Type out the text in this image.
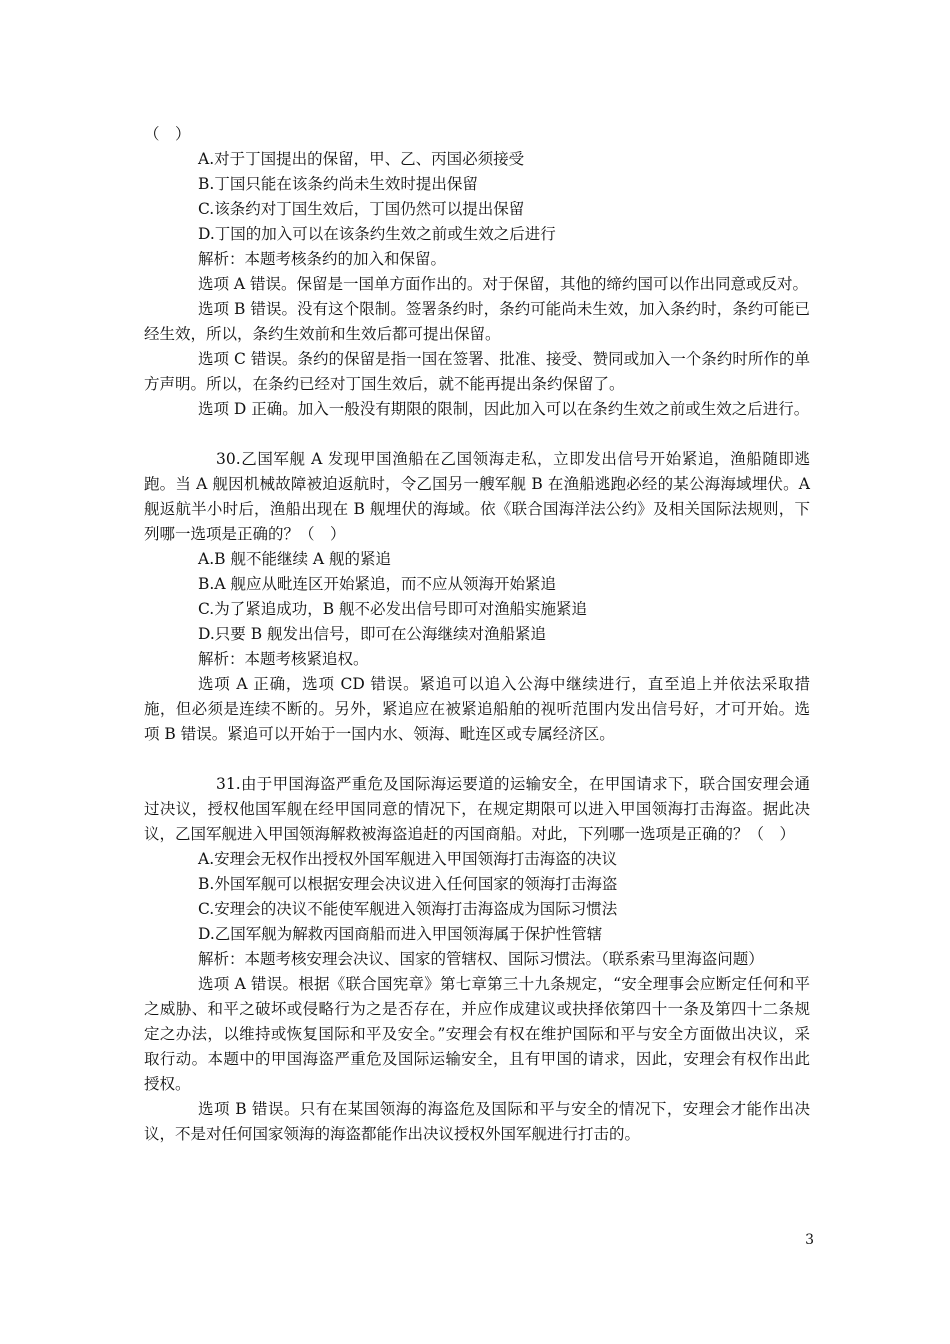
（　）
A.对于丁国提出的保留，甲、乙、丙国必须接受
B.丁国只能在该条约尚未生效时提出保留
C.该条约对丁国生效后，丁国仍然可以提出保留
D.丁国的加入可以在该条约生效之前或生效之后进行
解析：本题考核条约的加入和保留。
选项 A 错误。保留是一国单方面作出的。对于保留，其他的缔约国可以作出同意或反对。
选项 B 错误。没有这个限制。签署条约时，条约可能尚未生效，加入条约时，条约可能已经生效，所以，条约生效前和生效后都可提出保留。
选项 C 错误。条约的保留是指一国在签署、批准、接受、赞同或加入一个条约时所作的单方声明。所以，在条约已经对丁国生效后，就不能再提出条约保留了。
选项 D 正确。加入一般没有期限的限制，因此加入可以在条约生效之前或生效之后进行。
30.乙国军舰 A 发现甲国渔船在乙国领海走私，立即发出信号开始紧追，渔船随即逃跑。当 A 舰因机械故障被迫返航时，令乙国另一艘军舰 B 在渔船逃跑必经的某公海海域埋伏。A 舰返航半小时后，渔船出现在 B 舰埋伏的海域。依《联合国海洋法公约》及相关国际法规则，下列哪一选项是正确的？（　）
A.B 舰不能继续 A 舰的紧追
B.A 舰应从毗连区开始紧追，而不应从领海开始紧追
C.为了紧追成功，B 舰不必发出信号即可对渔船实施紧追
D.只要 B 舰发出信号，即可在公海继续对渔船紧追
解析：本题考核紧追权。
选项 A 正确，选项 CD 错误。紧追可以追入公海中继续进行，直至追上并依法采取措施，但必须是连续不断的。另外，紧追应在被紧追船舶的视听范围内发出信号好，才可开始。选项 B 错误。紧追可以开始于一国内水、领海、毗连区或专属经济区。
31.由于甲国海盗严重危及国际海运要道的运输安全，在甲国请求下，联合国安理会通过决议，授权他国军舰在经甲国同意的情况下，在规定期限可以进入甲国领海打击海盗。据此决议，乙国军舰进入甲国领海解救被海盗追赶的丙国商船。对此，下列哪一选项是正确的？（　）
A.安理会无权作出授权外国军舰进入甲国领海打击海盗的决议
B.外国军舰可以根据安理会决议进入任何国家的领海打击海盗
C.安理会的决议不能使军舰进入领海打击海盗成为国际习惯法
D.乙国军舰为解救丙国商船而进入甲国领海属于保护性管辖
解析：本题考核安理会决议、国家的管辖权、国际习惯法。（联系索马里海盗问题）
选项 A 错误。根据《联合国宪章》第七章第三十九条规定，“安全理事会应断定任何和平之威胁、和平之破坏或侵略行为之是否存在，并应作成建议或抉择依第四十一条及第四十二条规定之办法，以维持或恢复国际和平及安全。”安理会有权在维护国际和平与安全方面做出决议，采取行动。本题中的甲国海盗严重危及国际运输安全，且有甲国的请求，因此，安理会有权作出此授权。
选项 B 错误。只有在某国领海的海盗危及国际和平与安全的情况下，安理会才能作出决议，不是对任何国家领海的海盗都能作出决议授权外国军舰进行打击的。
3
